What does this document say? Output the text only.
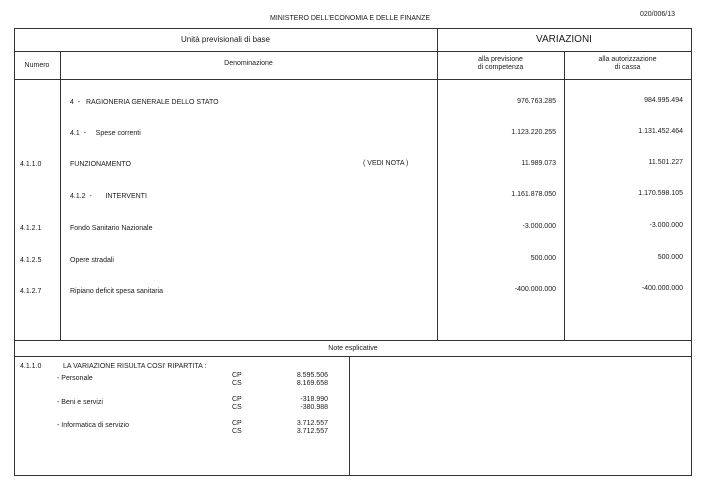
MINISTERO DELL'ECONOMIA E DELLE FINANZE
020/006/13
Unità previsionali di base	VARIAZIONI
Numero	Denominazione
alla previsione
di competenza
alla autorizzazione
di cassa
4  -   RAGIONERIA GENERALE DELLO STATO	976.763.285	984.995.494
4.1  -     Spese correnti	1.123.220.255	1.131.452.464
4.1.1.0	FUNZIONAMENTO	( VEDI NOTA )	11.989.073	11.501.227
4.1.2  -       INTERVENTI	1.161.878.050	1.170.598.105
4.1.2.1	Fondo Sanitario Nazionale	-3.000.000	-3.000.000
4.1.2.5	Opere stradali	500.000	500.000
4.1.2.7	Ripiano deficit spesa sanitaria	-400.000.000	-400.000.000
Note esplicative
4.1.1.0	LA VARIAZIONE RISULTA COSI' RIPARTITA :
- Personale	CP	8.595.506
CS	8.169.658
- Beni e servizi	CP	-318.990
CS	-380.988
- Informatica di servizio	CP	3.712.557
CS	3.712.557
